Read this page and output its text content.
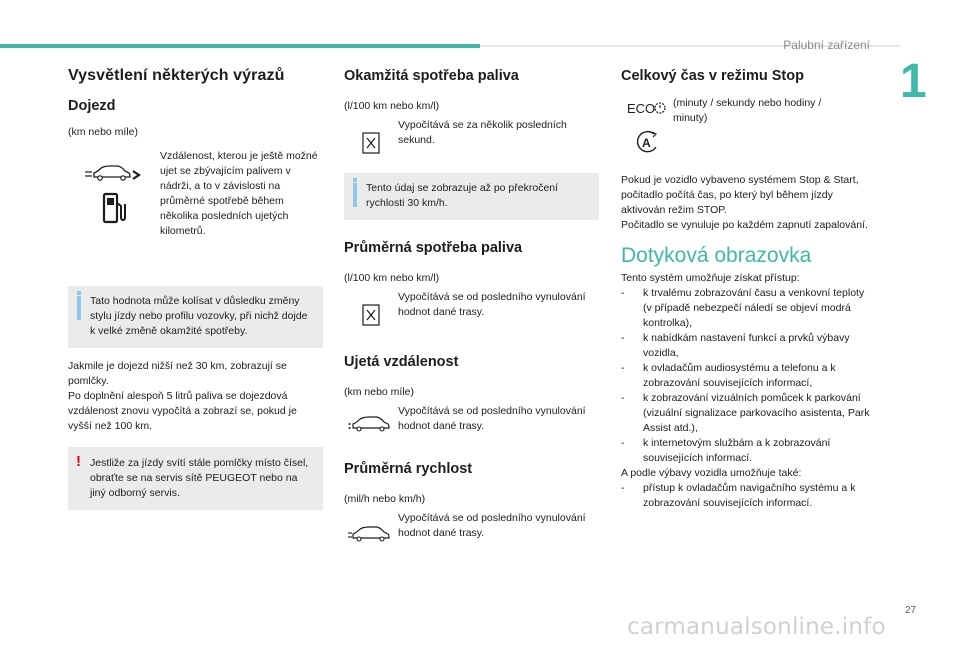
Palubní zařízení
1
27
Vysvětlení některých výrazů
Dojezd
(km nebo míle)
Vzdálenost, kterou je ještě možné ujet se zbývajícím palivem v nádrži, a to v závislosti na průměrné spotřebě během několika posledních ujetých kilometrů.
Tato hodnota může kolísat v důsledku změny stylu jízdy nebo profilu vozovky, při nichž dojde k velké změně okamžité spotřeby.
Jakmile je dojezd nižší než 30 km, zobrazují se pomlčky.
Po doplnění alespoň 5 litrů paliva se dojezdová vzdálenost znovu vypočítá a zobrazí se, pokud je vyšší než 100 km.
! Jestliže za jízdy svítí stále pomlčky místo čísel, obraťte se na servis sítě PEUGEOT nebo na jiný odborný servis.
Okamžitá spotřeba paliva
(l/100 km nebo km/l)
Vypočítává se za několik posledních sekund.
Tento údaj se zobrazuje až po překročení rychlosti 30 km/h.
Průměrná spotřeba paliva
(l/100 km nebo km/l)
Vypočítává se od posledního vynulování hodnot dané trasy.
Ujetá vzdálenost
(km nebo míle)
Vypočítává se od posledního vynulování hodnot dané trasy.
Průměrná rychlost
(mil/h nebo km/h)
Vypočítává se od posledního vynulování hodnot dané trasy.
Celkový čas v režimu Stop
ECO
A
(minuty / sekundy nebo hodiny / minuty)
Pokud je vozidlo vybaveno systémem Stop & Start, počitadlo počítá čas, po který byl během jízdy aktivován režim STOP.
Počitadlo se vynuluje po každém zapnutí zapalování.
Dotyková obrazovka
Tento systém umožňuje získat přístup:
-	k trvalému zobrazování času a venkovní teploty (v případě nebezpečí náledí se objeví modrá kontrolka),
-	k nabídkám nastavení funkcí a prvků výbavy vozidla,
-	k ovladačům audiosystému a telefonu a k zobrazování souvisejících informací,
-	k zobrazování vizuálních pomůcek k parkování (vizuální signalizace parkovacího asistenta, Park Assist atd.),
-	k internetovým službám a k zobrazování souvisejících informací.
A podle výbavy vozidla umožňuje také:
-	přístup k ovladačům navigačního systému a k zobrazování souvisejících informací.
carmanualsonline.info
